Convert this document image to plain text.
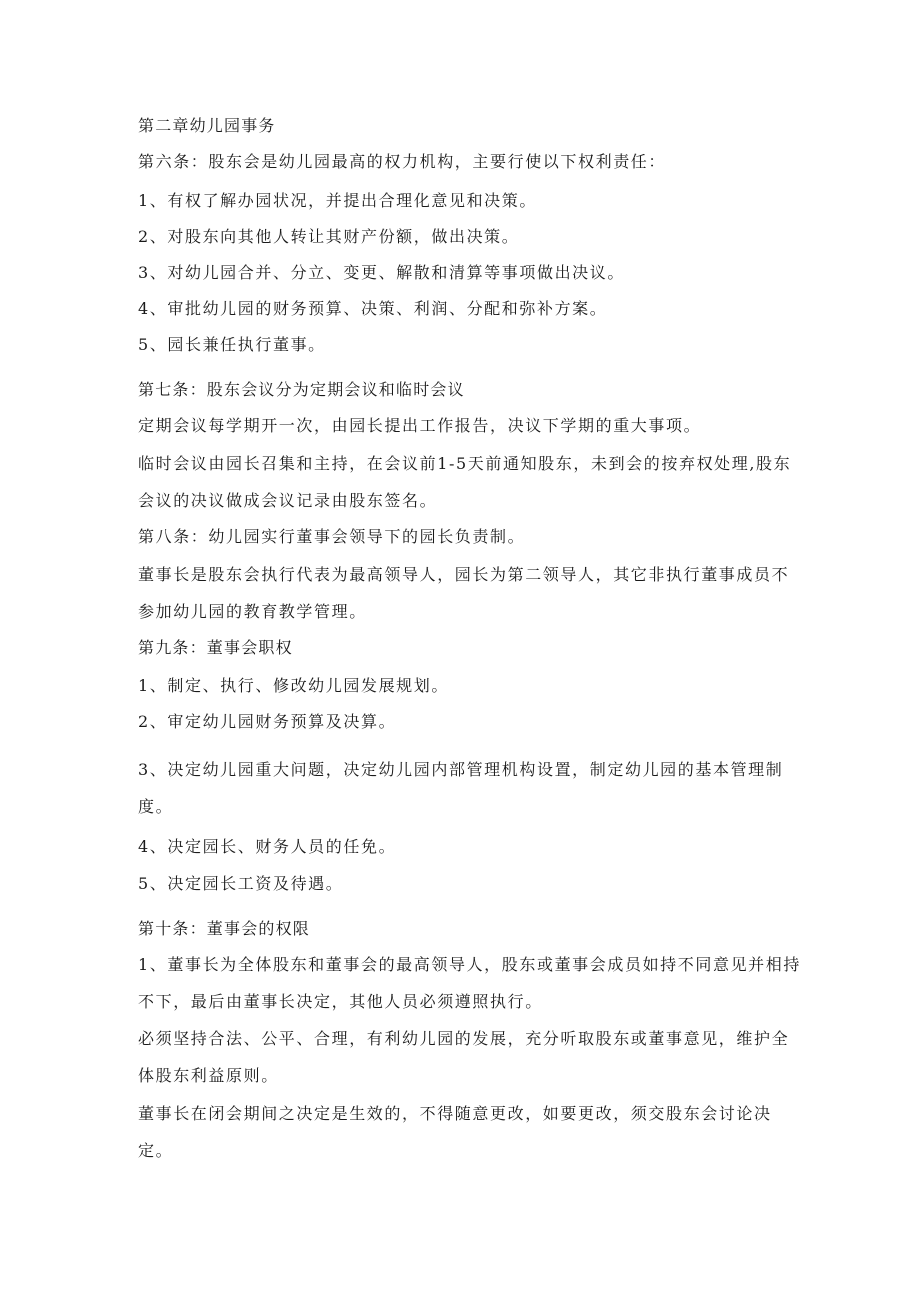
第二章幼儿园事务
第六条：股东会是幼儿园最高的权力机构，主要行使以下权利责任：
1、有权了解办园状况，并提出合理化意见和决策。
2、对股东向其他人转让其财产份额，做出决策。
3、对幼儿园合并、分立、变更、解散和清算等事项做出决议。
4、审批幼儿园的财务预算、决策、利润、分配和弥补方案。
5、园长兼任执行董事。
第七条：股东会议分为定期会议和临时会议
定期会议每学期开一次，由园长提出工作报告，决议下学期的重大事项。
临时会议由园长召集和主持，在会议前1-5天前通知股东，未到会的按弃权处理,股东
会议的决议做成会议记录由股东签名。
第八条：幼儿园实行董事会领导下的园长负责制。
董事长是股东会执行代表为最高领导人，园长为第二领导人，其它非执行董事成员不
参加幼儿园的教育教学管理。
第九条：董事会职权
1、制定、执行、修改幼儿园发展规划。
2、审定幼儿园财务预算及决算。
3、决定幼儿园重大问题，决定幼儿园内部管理机构设置，制定幼儿园的基本管理制
度。
4、决定园长、财务人员的任免。
5、决定园长工资及待遇。
第十条：董事会的权限
1、董事长为全体股东和董事会的最高领导人，股东或董事会成员如持不同意见并相持
不下，最后由董事长决定，其他人员必须遵照执行。
必须坚持合法、公平、合理，有利幼儿园的发展，充分听取股东或董事意见，维护全
体股东利益原则。
董事长在闭会期间之决定是生效的，不得随意更改，如要更改，须交股东会讨论决
定。
